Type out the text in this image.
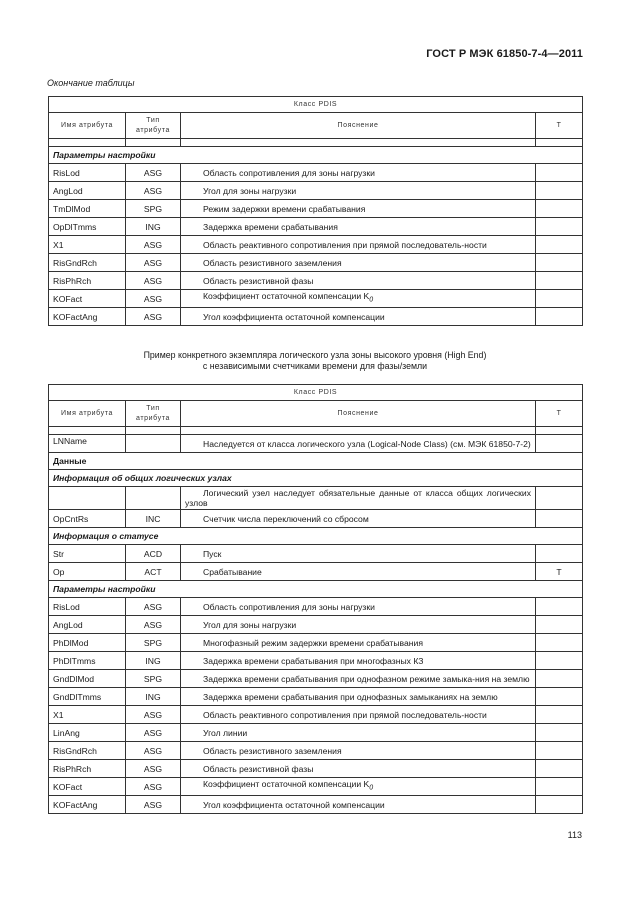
ГОСТ Р МЭК 61850-7-4—2011
Окончание таблицы
Класс PDIS			
Имя атрибута	Тип атрибута	Пояснение	T

Параметры настройки			
RisLod	ASG	Область сопротивления для зоны нагрузки	
AngLod	ASG	Угол для зоны нагрузки	
TmDlMod	SPG	Режим задержки времени срабатывания	
OpDlTmms	ING	Задержка времени срабатывания	
X1	ASG	Область реактивного сопротивления при прямой последователь-ности	
RisGndRch	ASG	Область резистивного заземления	
RisPhRch	ASG	Область резистивной фазы	
KOFact	ASG	Коэффициент остаточной компенсации $K_0$	
KOFactAng	ASG	Угол коэффициента остаточной компенсации	
Пример конкретного экземпляра логического узла зоны высокого уровня (High End)
с независимыми счетчиками времени для фазы/земли
Класс PDIS			
Имя атрибута	Тип атрибута	Пояснение	T

LNName		Наследуется от класса логического узла (Logical-Node Class) (см. МЭК 61850-7-2)	
Данные			
Информация об общих логических узлах			
		Логический узел наследует обязательные данные от класса общих логических узлов	
OpCntRs	INC	Счетчик числа переключений со сбросом	
Информация о статусе			
Str	ACD	Пуск	
Op	ACT	Срабатывание	T
Параметры настройки			
RisLod	ASG	Область сопротивления для зоны нагрузки	
AngLod	ASG	Угол для зоны нагрузки	
PhDlMod	SPG	Многофазный режим задержки времени срабатывания	
PhDlTmms	ING	Задержка времени срабатывания при многофазных КЗ	
GndDlMod	SPG	Задержка времени срабатывания при однофазном режиме замыка-ния на землю	
GndDlTmms	ING	Задержка времени срабатывания при однофазных замыканиях на землю	
X1	ASG	Область реактивного сопротивления при прямой последователь-ности	
LinAng	ASG	Угол линии	
RisGndRch	ASG	Область резистивного заземления	
RisPhRch	ASG	Область резистивной фазы	
KOFact	ASG	Коэффициент остаточной компенсации $K_0$	
KOFactAng	ASG	Угол коэффициента остаточной компенсации	
113
